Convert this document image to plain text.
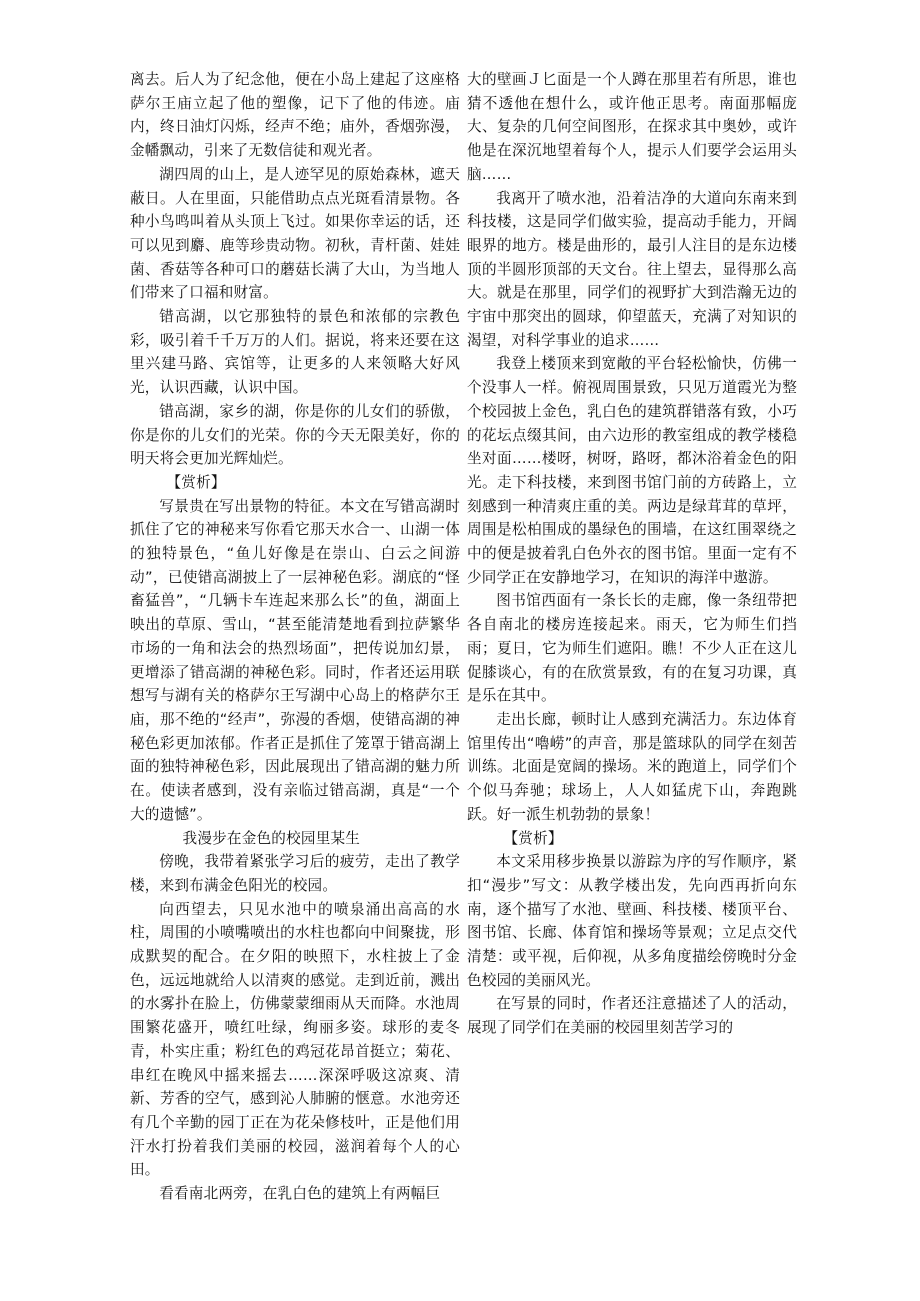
离去。后人为了纪念他，便在小岛上建起了这座格萨尔王庙立起了他的塑像，记下了他的伟迹。庙内，终日油灯闪烁，经声不绝；庙外，香烟弥漫，金幡飘动，引来了无数信徒和观光者。

湖四周的山上，是人迹罕见的原始森林，遮天蔽日。人在里面，只能借助点点光斑看清景物。各种小鸟鸣叫着从头顶上飞过。如果你幸运的话，还可以见到麝、鹿等珍贵动物。初秋，青杆菌、娃娃菌、香菇等各种可口的蘑菇长满了大山，为当地人们带来了口福和财富。

错高湖，以它那独特的景色和浓郁的宗教色彩，吸引着千千万万的人们。据说，将来还要在这里兴建马路、宾馆等，让更多的人来领略大好风光，认识西藏，认识中国。

错高湖，家乡的湖，你是你的儿女们的骄傲，你是你的儿女们的光荣。你的今天无限美好，你的明天将会更加光辉灿烂。

【赏析】

写景贵在写出景物的特征。本文在写错高湖时抓住了它的神秘来写你看它那天水合一、山湖一体的独特景色，“鱼儿好像是在崇山、白云之间游动”，已使错高湖披上了一层神秘色彩。湖底的“怪畜猛兽”，“几辆卡车连起来那么长”的鱼，湖面上映出的草原、雪山，“甚至能清楚地看到拉萨繁华市场的一角和法会的热烈场面”，把传说加幻景，更增添了错高湖的神秘色彩。同时，作者还运用联想写与湖有关的格萨尔王写湖中心岛上的格萨尔王庙，那不绝的“经声”，弥漫的香烟，使错高湖的神秘色彩更加浓郁。作者正是抓住了笼罩于错高湖上面的独特神秘色彩，因此展现出了错高湖的魅力所在。使读者感到，没有亲临过错高湖，真是“一个大的遗憾”。

我漫步在金色的校园里某生

傍晚，我带着紧张学习后的疲劳，走出了教学楼，来到布满金色阳光的校园。

向西望去，只见水池中的喷泉涌出高高的水柱，周围的小喷嘴喷出的水柱也都向中间聚拢，形成默契的配合。在夕阳的映照下，水柱披上了金色，远远地就给人以清爽的感觉。走到近前，溅出的水雾扑在脸上，仿佛蒙蒙细雨从天而降。水池周围繁花盛开，喷红吐绿，绚丽多姿。球形的麦冬青，朴实庄重；粉红色的鸡冠花昂首挺立；菊花、串红在晚风中摇来摇去……深深呼吸这凉爽、清新、芳香的空气，感到沁人肺腑的惬意。水池旁还有几个辛勤的园丁正在为花朵修枝叶，正是他们用汗水打扮着我们美丽的校园，滋润着每个人的心田。

看看南北两旁，在乳白色的建筑上有两幅巨

大的壁画Ｊ匕面是一个人蹲在那里若有所思，谁也猜不透他在想什么，或许他正思考。南面那幅庞大、复杂的几何空间图形，在探求其中奥妙，或许他是在深沉地望着每个人，提示人们要学会运用头脑……

我离开了喷水池，沿着洁净的大道向东南来到科技楼，这是同学们做实验，提高动手能力，开阔眼界的地方。楼是曲形的，最引人注目的是东边楼顶的半圆形顶部的天文台。往上望去，显得那么高大。就是在那里，同学们的视野扩大到浩瀚无边的宇宙中那突出的圆球，仰望蓝天，充满了对知识的渴望，对科学事业的追求……

我登上楼顶来到宽敞的平台轻松愉快，仿佛一个没事人一样。俯视周围景致，只见万道霞光为整个校园披上金色，乳白色的建筑群错落有致，小巧的花坛点缀其间，由六边形的教室组成的教学楼稳坐对面……楼呀，树呀，路呀，都沐浴着金色的阳光。走下科技楼，来到图书馆门前的方砖路上，立刻感到一种清爽庄重的美。两边是绿茸茸的草坪，周围是松柏围成的墨绿色的围墙，在这红围翠绕之中的便是披着乳白色外衣的图书馆。里面一定有不少同学正在安静地学习，在知识的海洋中遨游。

图书馆西面有一条长长的走廊，像一条纽带把各自南北的楼房连接起来。雨天，它为师生们挡雨；夏日，它为师生们遮阳。瞧！不少人正在这儿促膝谈心，有的在欣赏景致，有的在复习功课，真是乐在其中。

走出长廊，顿时让人感到充满活力。东边体育馆里传出“嚕崂”的声音，那是篮球队的同学在刻苦训练。北面是宽阔的操场。米的跑道上，同学们个个似马奔驰；球场上，人人如猛虎下山，奔跑跳跃。好一派生机勃勃的景象！

【赏析】

本文采用移步换景以游踪为序的写作顺序，紧扣“漫步”写文：从教学楼出发，先向西再折向东南，逐个描写了水池、壁画、科技楼、楼顶平台、图书馆、长廊、体育馆和操场等景观；立足点交代清楚：或平视，后仰视，从多角度描绘傍晚时分金色校园的美丽风光。

在写景的同时，作者还注意描述了人的活动，展现了同学们在美丽的校园里刻苦学习的
